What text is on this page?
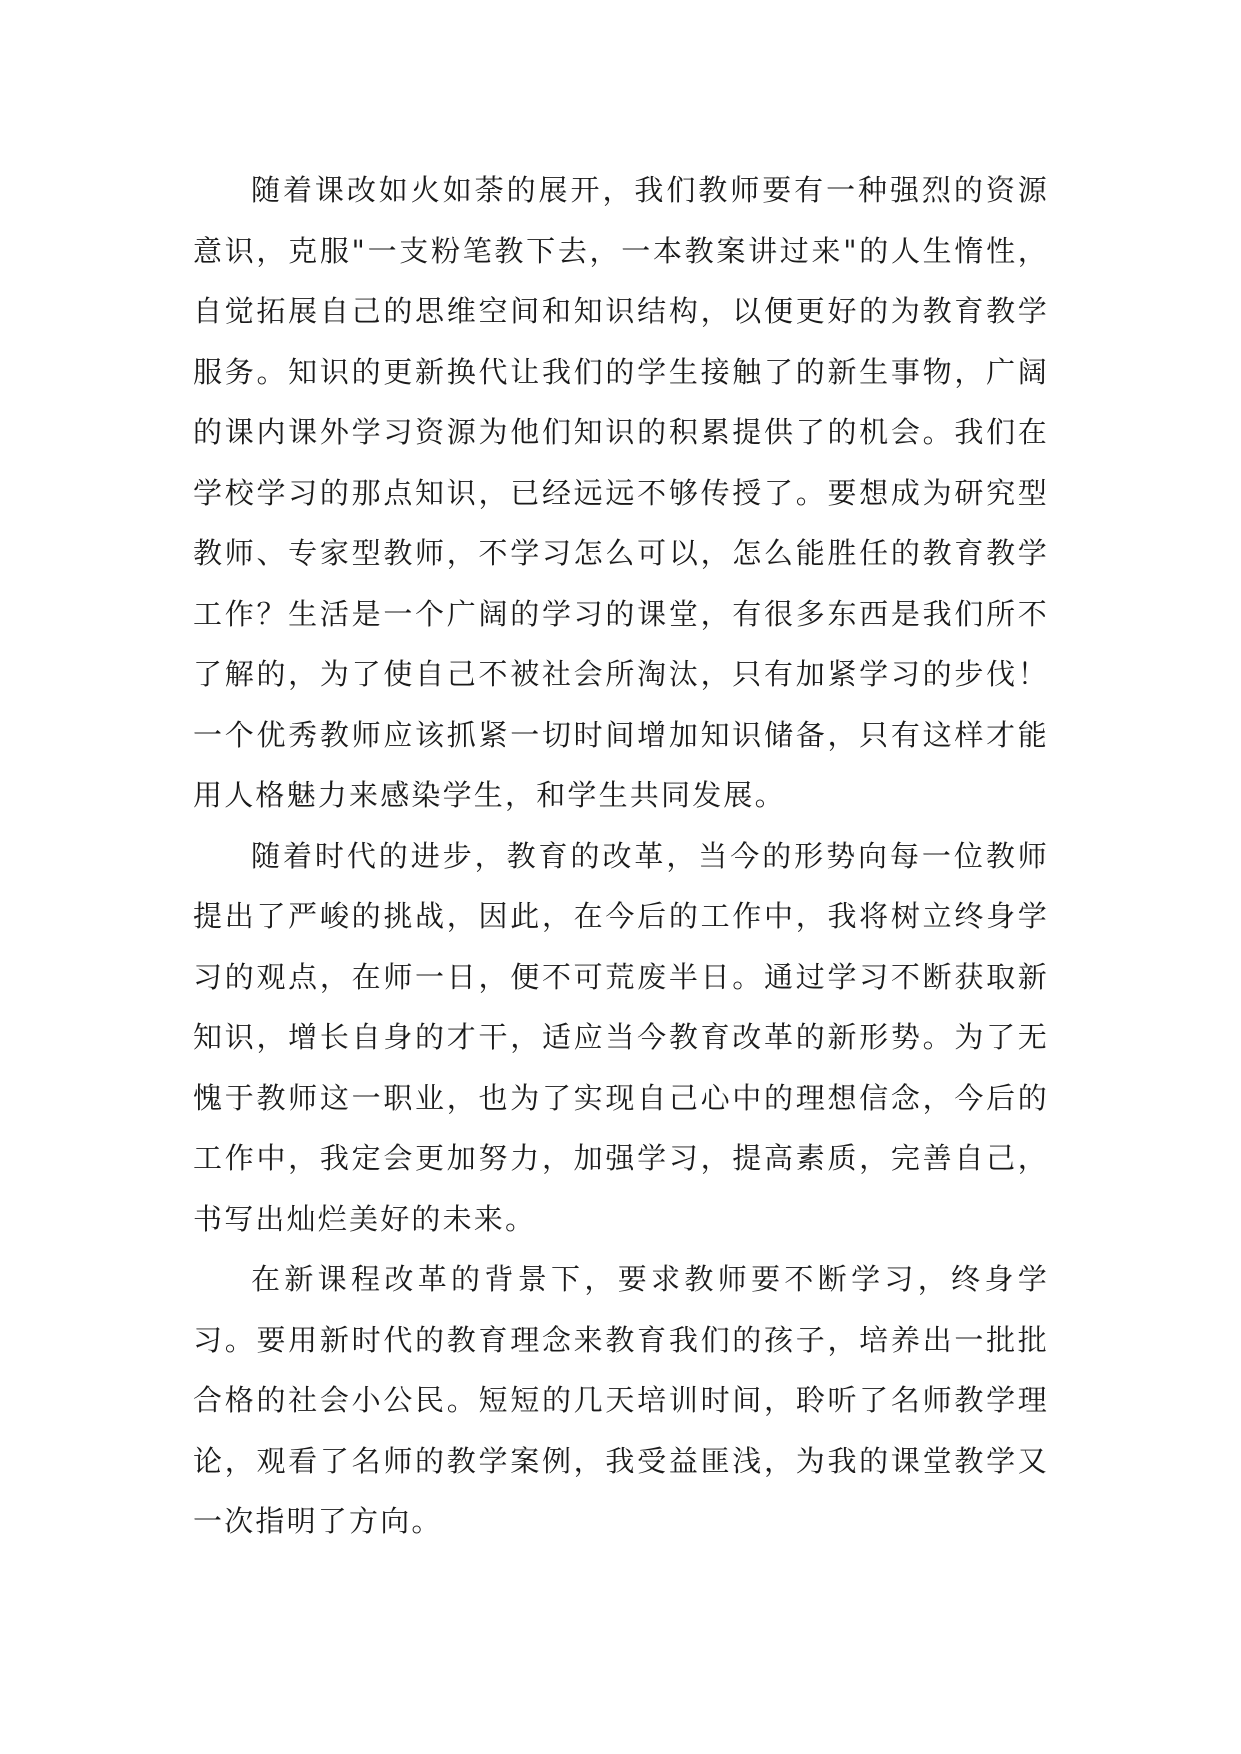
随着课改如火如荼的展开，我们教师要有一种强烈的资源意识，克服"一支粉笔教下去，一本教案讲过来"的人生惰性，自觉拓展自己的思维空间和知识结构，以便更好的为教育教学服务。知识的更新换代让我们的学生接触了的新生事物，广阔的课内课外学习资源为他们知识的积累提供了的机会。我们在学校学习的那点知识，已经远远不够传授了。要想成为研究型教师、专家型教师，不学习怎么可以，怎么能胜任的教育教学工作？生活是一个广阔的学习的课堂，有很多东西是我们所不了解的，为了使自己不被社会所淘汰，只有加紧学习的步伐！一个优秀教师应该抓紧一切时间增加知识储备，只有这样才能用人格魅力来感染学生，和学生共同发展。

随着时代的进步，教育的改革，当今的形势向每一位教师提出了严峻的挑战，因此，在今后的工作中，我将树立终身学习的观点，在师一日，便不可荒废半日。通过学习不断获取新知识，增长自身的才干，适应当今教育改革的新形势。为了无愧于教师这一职业，也为了实现自己心中的理想信念，今后的工作中，我定会更加努力，加强学习，提高素质，完善自己，书写出灿烂美好的未来。

在新课程改革的背景下，要求教师要不断学习，终身学习。要用新时代的教育理念来教育我们的孩子，培养出一批批合格的社会小公民。短短的几天培训时间，聆听了名师教学理论，观看了名师的教学案例，我受益匪浅，为我的课堂教学又一次指明了方向。
